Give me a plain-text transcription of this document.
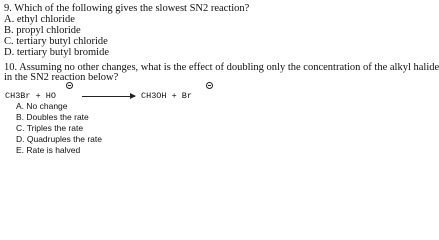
9. Which of the following gives the slowest SN2 reaction?
A. ethyl chloride
B. propyl chloride
C. tertiary butyl chloride
D. tertiary butyl bromide
10. Assuming no other changes, what is the effect of doubling only the concentration of the alkyl halide
in the SN2 reaction below?
CH3Br + HO → CH3OH + Br
A. No change
B. Doubles the rate
C. Triples the rate
D. Quadruples the rate
E. Rate is halved
